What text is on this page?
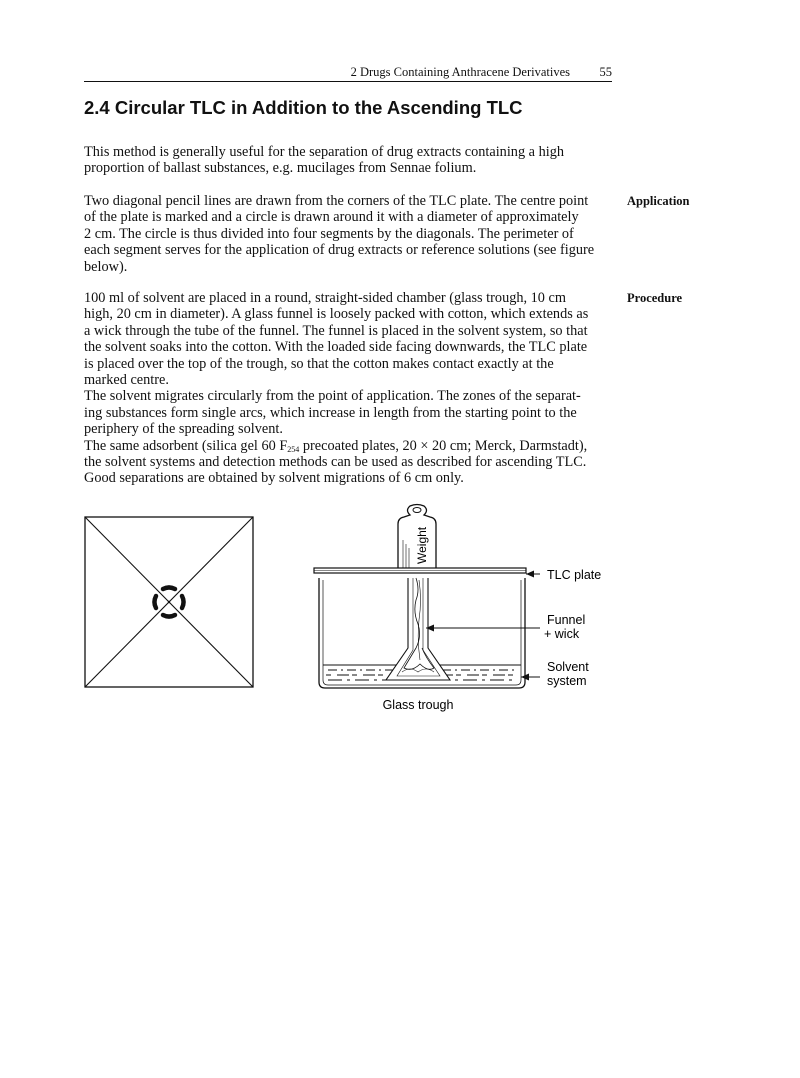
2 Drugs Containing Anthracene Derivatives 55
2.4 Circular TLC in Addition to the Ascending TLC

This method is generally useful for the separation of drug extracts containing a high
proportion of ballast substances, e.g. mucilages from Sennae folium.

Two diagonal pencil lines are drawn from the corners of the TLC plate. The centre point
of the plate is marked and a circle is drawn around it with a diameter of approximately
2 cm. The circle is thus divided into four segments by the diagonals. The perimeter of
each segment serves for the application of drug extracts or reference solutions (see figure
below).

Application

100 ml of solvent are placed in a round, straight-sided chamber (glass trough, 10 cm
high, 20 cm in diameter). A glass funnel is loosely packed with cotton, which extends as
a wick through the tube of the funnel. The funnel is placed in the solvent system, so that
the solvent soaks into the cotton. With the loaded side facing downwards, the TLC plate
is placed over the top of the trough, so that the cotton makes contact exactly at the
marked centre.
The solvent migrates circularly from the point of application. The zones of the separat-
ing substances form single arcs, which increase in length from the starting point to the
periphery of the spreading solvent.
The same adsorbent (silica gel 60 $F_{254}$ precoated plates, 20 × 20 cm; Merck, Darmstadt),
the solvent systems and detection methods can be used as described for ascending TLC.
Good separations are obtained by solvent migrations of 6 cm only.

Procedure

Weight
TLC plate
Funnel
+ wick
Solvent
system
Glass trough
